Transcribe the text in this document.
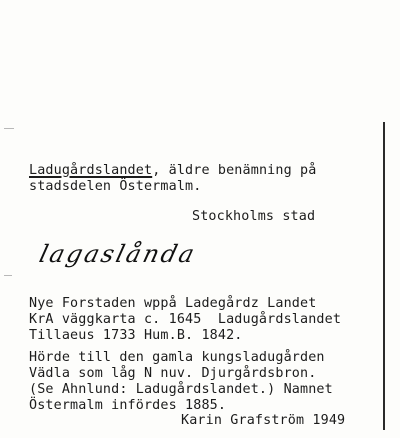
Ladugårdslandet, äldre benämning på
stadsdelen Östermalm.
Stockholms stad
lagaslånda
Nye Forstaden wppå Ladegårdz Landet
KrA väggkarta c. 1645  Ladugårdslandet
Tillaeus 1733 Hum.B. 1842.
Hörde till den gamla kungsladugården
Vädla som låg N nuv. Djurgårdsbron.
(Se Ahnlund: Ladugårdslandet.) Namnet
Östermalm infördes 1885.
Karin Grafström 1949
